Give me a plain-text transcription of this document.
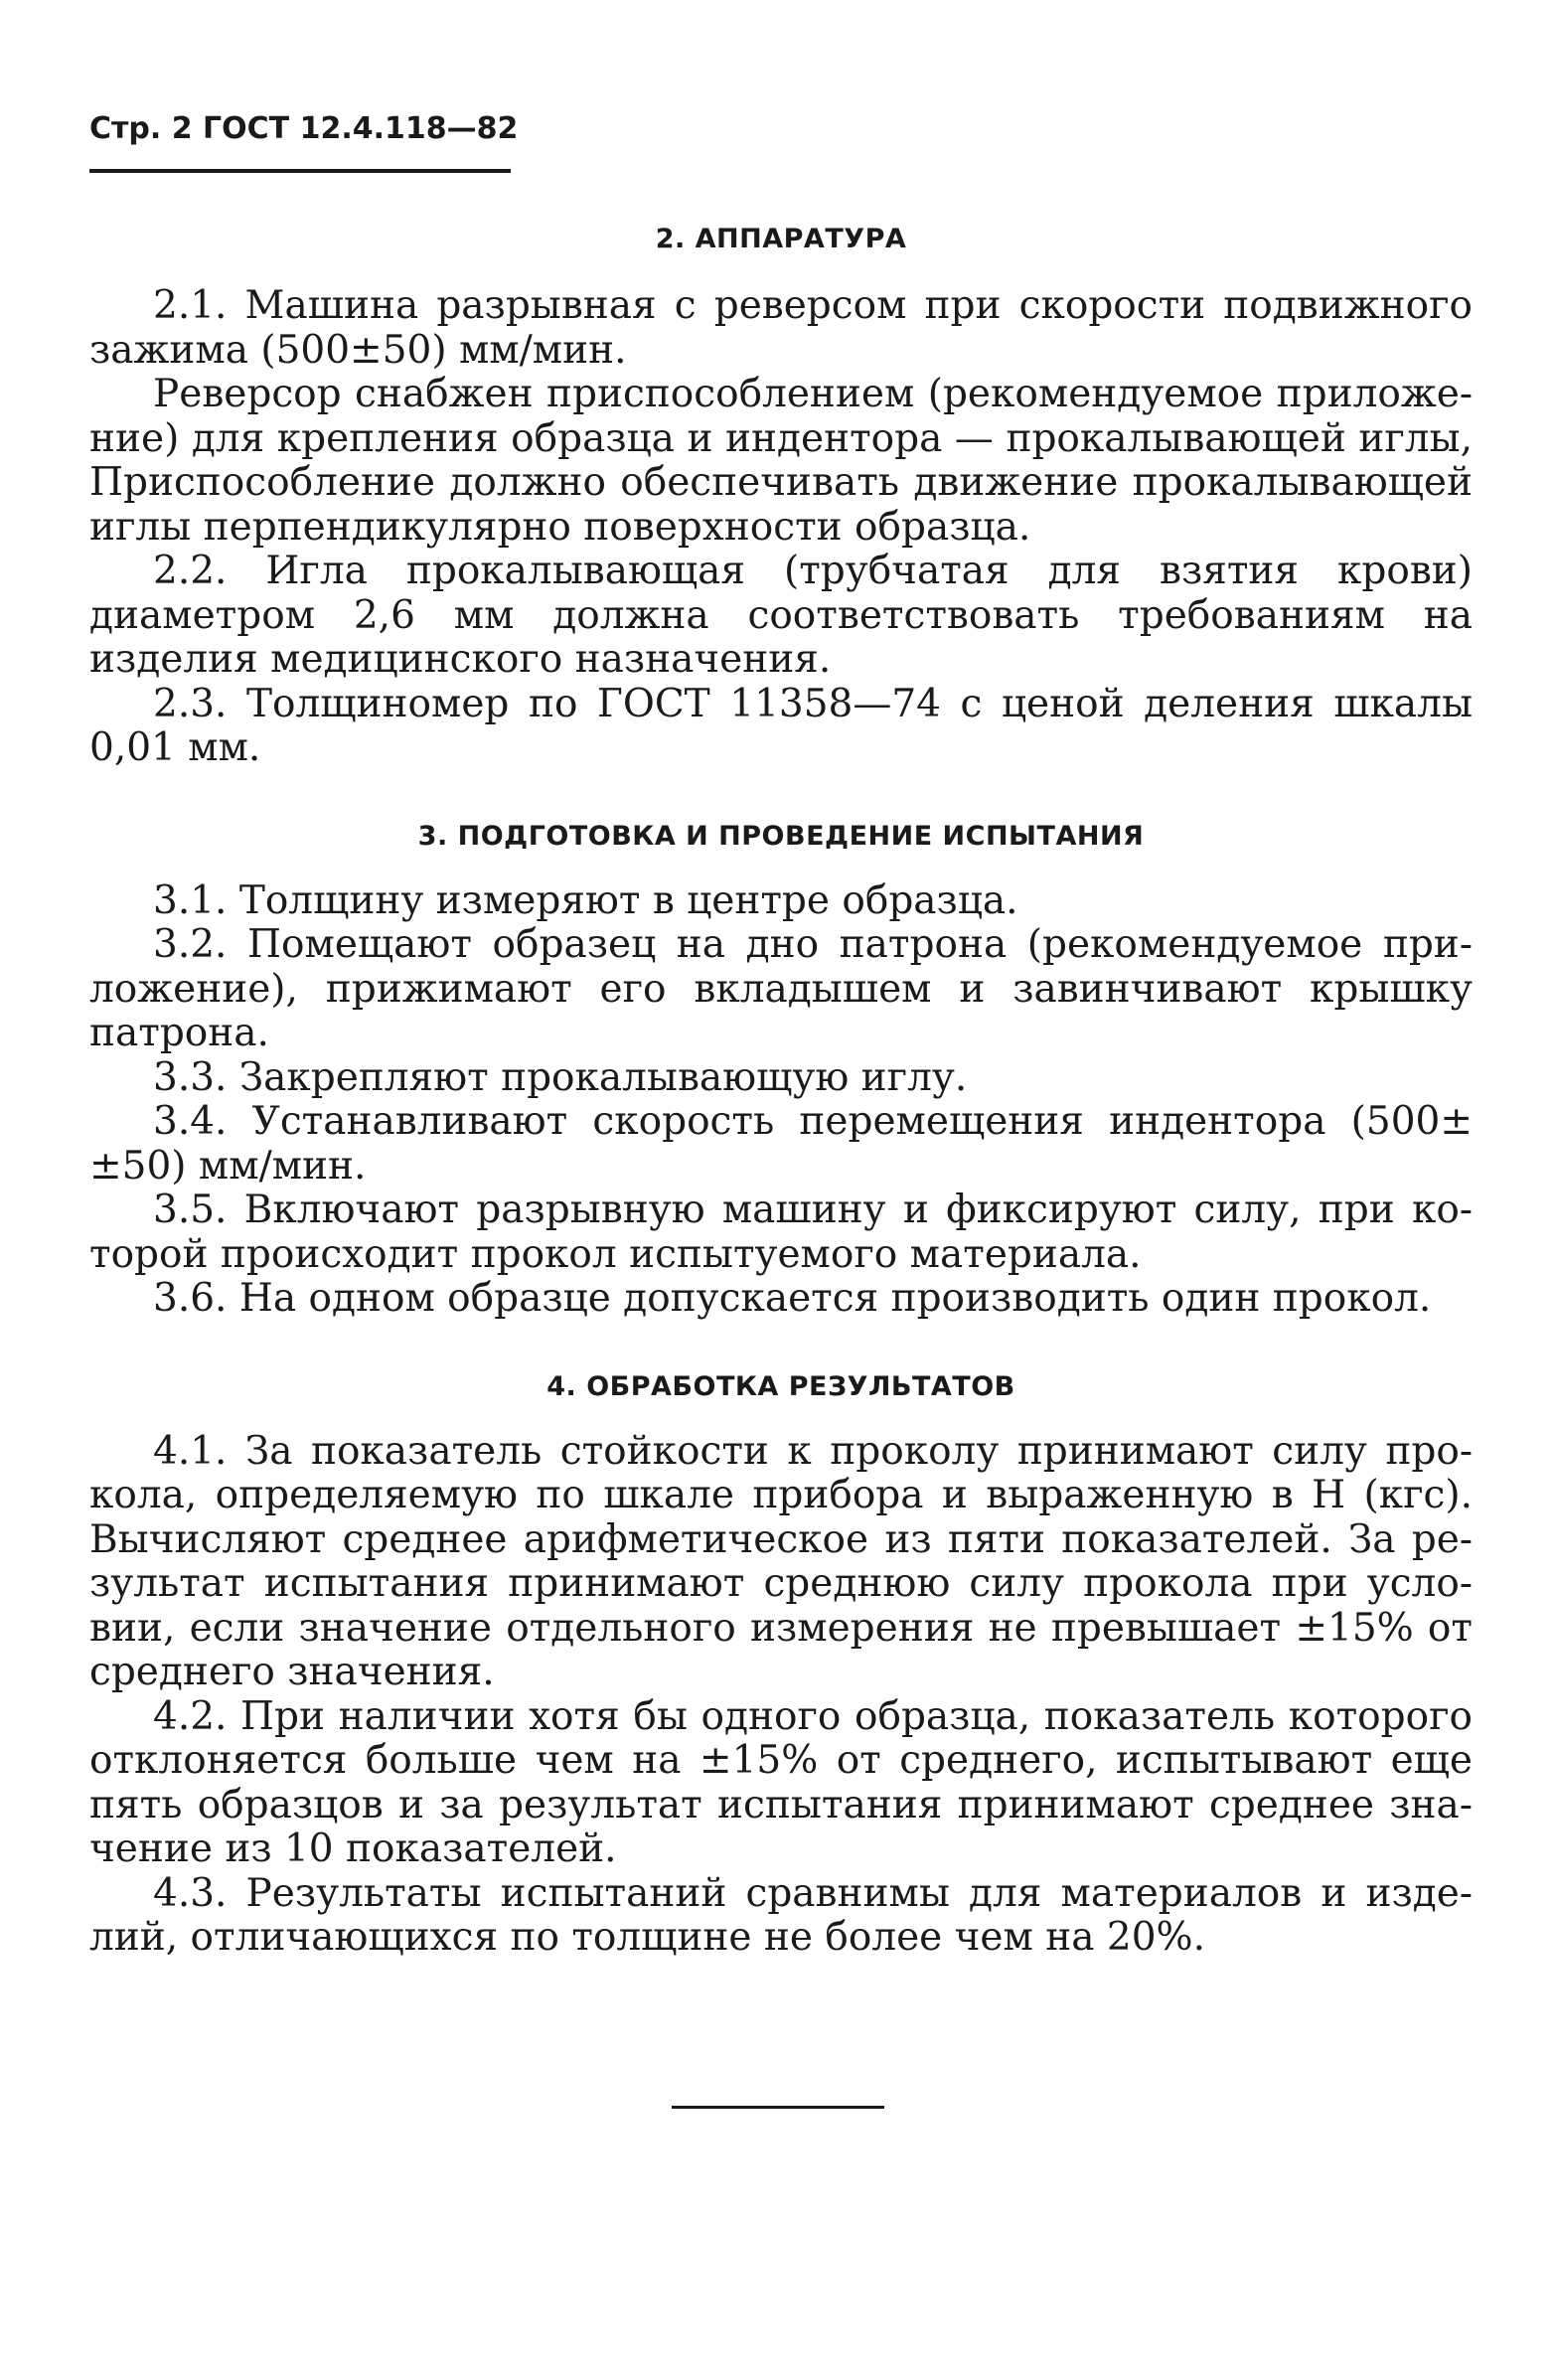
Стр. 2 ГОСТ 12.4.118—82
2. АППАРАТУРА

2.1. Машина разрывная с реверсом при скорости подвижного зажима (500±50) мм/мин.

Реверсор снабжен приспособлением (рекомендуемое приложение) для крепления образца и индентора — прокалывающей иглы, Приспособление должно обеспечивать движение прокалывающей иглы перпендикулярно поверхности образца.

2.2. Игла прокалывающая (трубчатая для взятия крови) диаметром 2,6 мм должна соответствовать требованиям на изделия медицинского назначения.

2.3. Толщиномер по ГОСТ 11358—74 с ценой деления шкалы 0,01 мм.

3. ПОДГОТОВКА И ПРОВЕДЕНИЕ ИСПЫТАНИЯ

3.1. Толщину измеряют в центре образца.

3.2. Помещают образец на дно патрона (рекомендуемое приложение), прижимают его вкладышем и завинчивают крышку патрона.

3.3. Закрепляют прокалывающую иглу.

3.4. Устанавливают скорость перемещения индентора (500± ±50) мм/мин.

3.5. Включают разрывную машину и фиксируют силу, при которой происходит прокол испытуемого материала.

3.6. На одном образце допускается производить один прокол.

4. ОБРАБОТКА РЕЗУЛЬТАТОВ

4.1. За показатель стойкости к проколу принимают силу прокола, определяемую по шкале прибора и выраженную в Н (кгс). Вычисляют среднее арифметическое из пяти показателей. За результат испытания принимают среднюю силу прокола при условии, если значение отдельного измерения не превышает ±15% от среднего значения.

4.2. При наличии хотя бы одного образца, показатель которого отклоняется больше чем на ±15% от среднего, испытывают еще пять образцов и за результат испытания принимают среднее значение из 10 показателей.

4.3. Результаты испытаний сравнимы для материалов и изделий, отличающихся по толщине не более чем на 20%.
